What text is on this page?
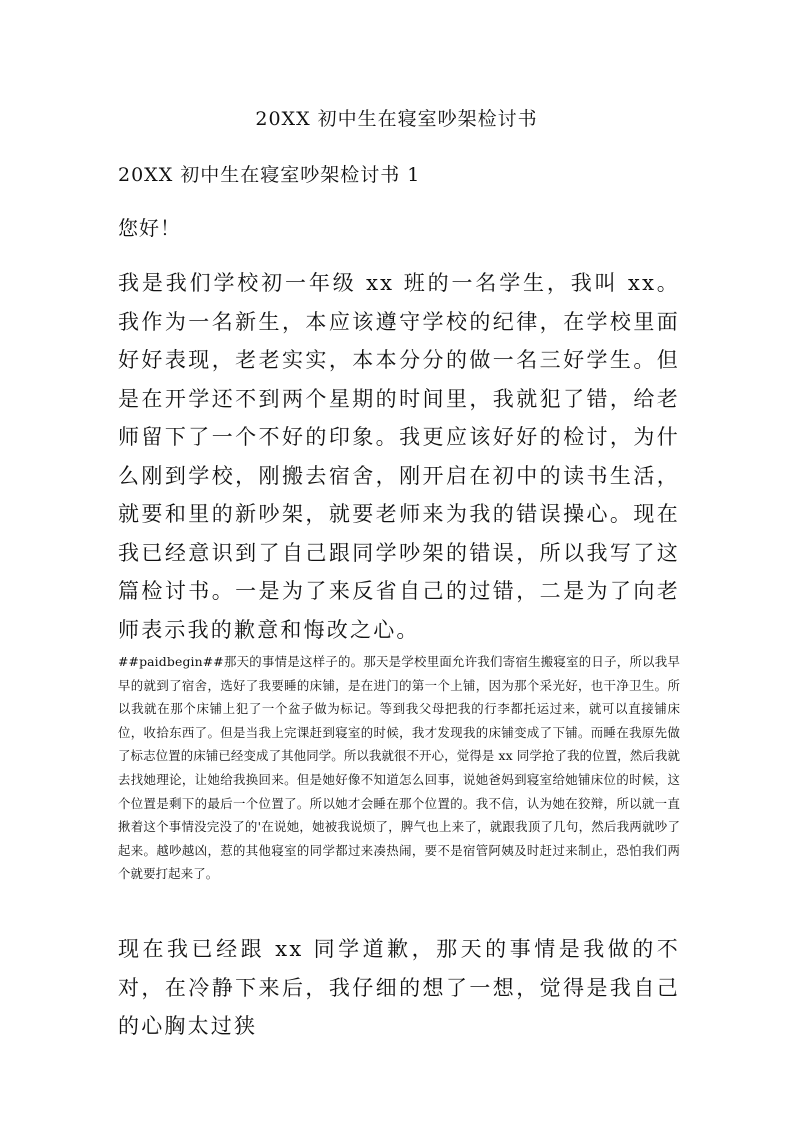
20XX 初中生在寝室吵架检讨书
20XX 初中生在寝室吵架检讨书 1

您好！

我是我们学校初一年级 xx 班的一名学生，我叫 xx。我作为一名新生，本应该遵守学校的纪律，在学校里面好好表现，老老实实，本本分分的做一名三好学生。但是在开学还不到两个星期的时间里，我就犯了错，给老师留下了一个不好的印象。我更应该好好的检讨，为什么刚到学校，刚搬去宿舍，刚开启在初中的读书生活，就要和里的新吵架，就要老师来为我的错误操心。现在我已经意识到了自己跟同学吵架的错误，所以我写了这篇检讨书。一是为了来反省自己的过错，二是为了向老师表示我的歉意和悔改之心。

##paidbegin##那天的事情是这样子的。那天是学校里面允许我们寄宿生搬寝室的日子，所以我早早的就到了宿舍，选好了我要睡的床铺，是在进门的第一个上铺，因为那个采光好，也干净卫生。所以我就在那个床铺上犯了一个盆子做为标记。等到我父母把我的行李都托运过来，就可以直接铺床位，收拾东西了。但是当我上完课赶到寝室的时候，我才发现我的床铺变成了下铺。而睡在我原先做了标志位置的床铺已经变成了其他同学。所以我就很不开心，觉得是 xx 同学抢了我的位置，然后我就去找她理论，让她给我换回来。但是她好像不知道怎么回事，说她爸妈到寝室给她铺床位的时候，这个位置是剩下的最后一个位置了。所以她才会睡在那个位置的。我不信，认为她在狡辩，所以就一直揪着这个事情没完没了的'在说她，她被我说烦了，脾气也上来了，就跟我顶了几句，然后我两就吵了起来。越吵越凶，惹的其他寝室的同学都过来凑热闹，要不是宿管阿姨及时赶过来制止，恐怕我们两个就要打起来了。

现在我已经跟 xx 同学道歉，那天的事情是我做的不对，在冷静下来后，我仔细的想了一想，觉得是我自己的心胸太过狭
